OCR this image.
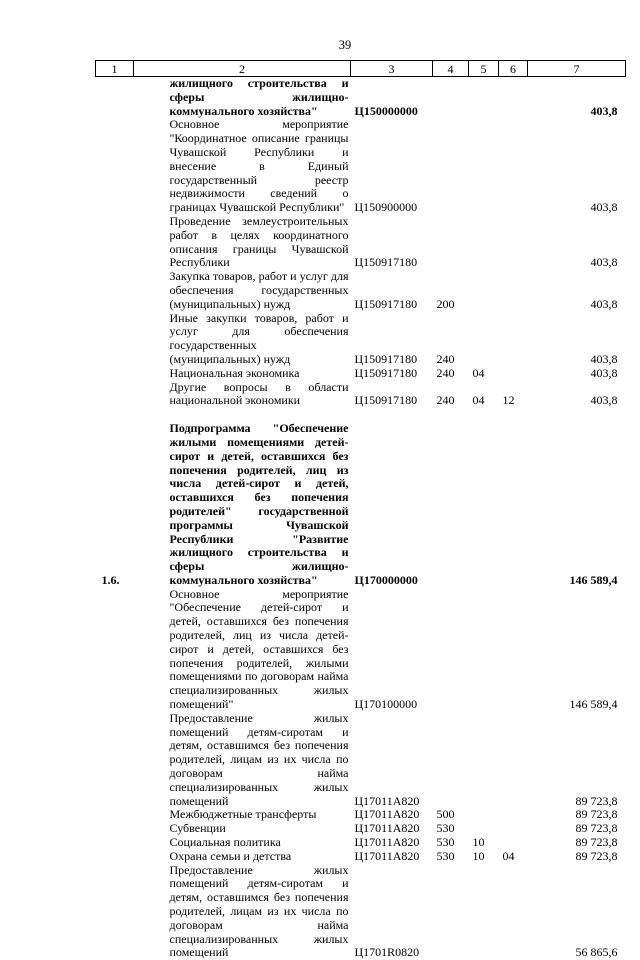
39
1	2	3	4	5	6	7
	жилищного строительства и сферы жилищно-коммунального хозяйства"	Ц150000000				403,8
	Основное мероприятие "Координатное описание границы Чувашской Республики и внесение в Единый государственный реестр недвижимости сведений о границах Чувашской Республики"	Ц150900000				403,8
	Проведение землеустроительных работ в целях координатного описания границы Чувашской Республики	Ц150917180				403,8
	Закупка товаров, работ и услуг для обеспечения государственных (муниципальных) нужд	Ц150917180	200			403,8
	Иные закупки товаров, работ и услуг для обеспечения государственных (муниципальных) нужд	Ц150917180	240			403,8
	Национальная экономика	Ц150917180	240	04		403,8
	Другие вопросы в области национальной экономики	Ц150917180	240	04	12	403,8

1.6.	Подпрограмма "Обеспечение жилыми помещениями детей-сирот и детей, оставшихся без попечения родителей, лиц из числа детей-сирот и детей, оставшихся без попечения родителей" государственной программы Чувашской Республики "Развитие жилищного строительства и сферы жилищно-коммунального хозяйства"	Ц170000000				146 589,4
	Основное мероприятие "Обеспечение детей-сирот и детей, оставшихся без попечения родителей, лиц из числа детей-сирот и детей, оставшихся без попечения родителей, жилыми помещениями по договорам найма специализированных жилых помещений"	Ц170100000				146 589,4
	Предоставление жилых помещений детям-сиротам и детям, оставшимся без попечения родителей, лицам из их числа по договорам найма специализированных жилых помещений	Ц17011А820				89 723,8
	Межбюджетные трансферты	Ц17011А820	500			89 723,8
	Субвенции	Ц17011А820	530			89 723,8
	Социальная политика	Ц17011А820	530	10		89 723,8
	Охрана семьи и детства	Ц17011А820	530	10	04	89 723,8
	Предоставление жилых помещений детям-сиротам и детям, оставшимся без попечения родителей, лицам из их числа по договорам найма специализированных жилых помещений	Ц1701R0820				56 865,6
